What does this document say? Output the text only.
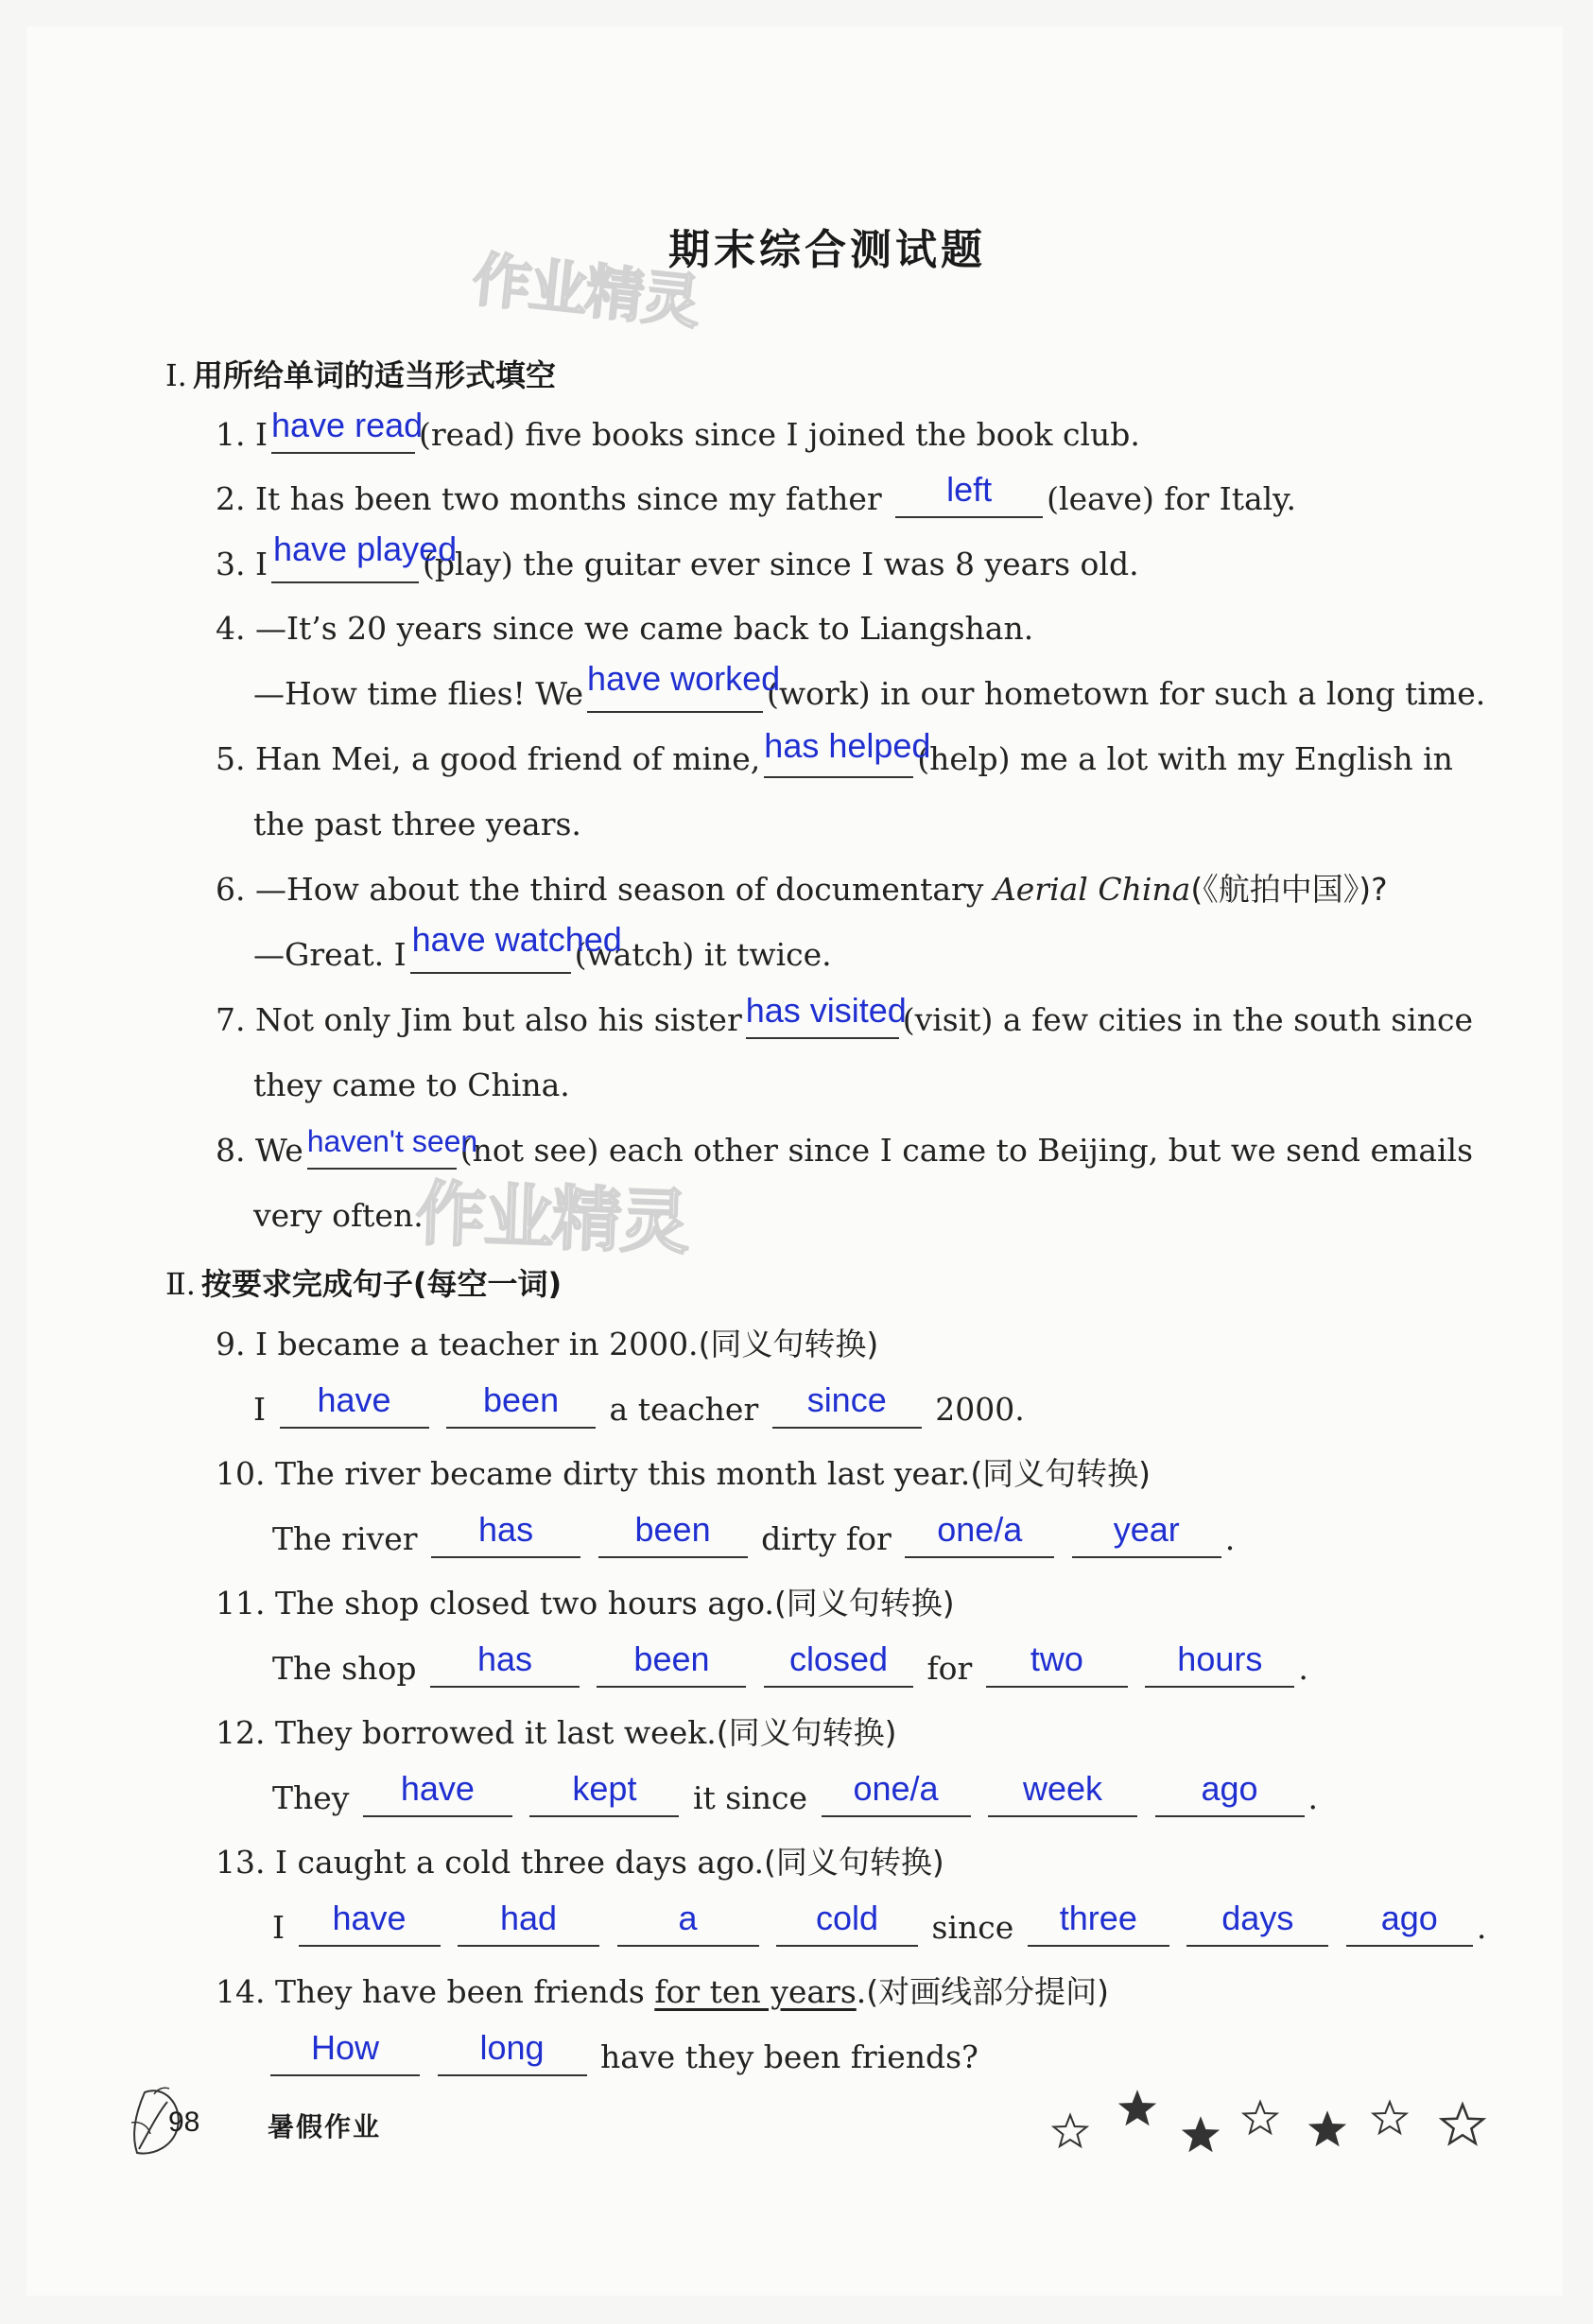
期末综合测试题
作业精灵
作业精灵
Ⅰ. 用所给单词的适当形式填空
1. I have read
(read) five books since I joined the book club.
2. It has been two months since my father	left	(leave) for Italy.
3. I have played
(play) the guitar ever since I was 8 years old.
4. —It’s 20 years since we came back to Liangshan.
—How time flies! We have worked
(work) in our hometown for such a long time.
5. Han Mei, a good friend of mine, has helped
(help) me a lot with my English in
the past three years.
6. —How about the third season of documentary Aerial China(《航拍中国》)?
—Great. I have watched
(watch) it twice.
7. Not only Jim but also his sister has visited
(visit) a few cities in the south since
they came to China.
8. We haven't seen
(not see) each other since I came to Beijing, but we send emails
very often.
Ⅱ. 按要求完成句子(每空一词)
9. I became a teacher in 2000.(同义句转换)
I	have
	been	a teacher	since	2000.
10. The river became dirty this month last year.(同义句转换)
The river	has
	been	dirty for	one/a
	year	.
11. The shop closed two hours ago.(同义句转换)
The shop	has
	been
	closed	for	two
	hours	.
12. They borrowed it last week.(同义句转换)
They	have
	kept	it since	one/a
	week
	ago	.
13. I caught a cold three days ago.(同义句转换)
I	have
	had
	a
	cold	since	three
	days
	ago	.
14. They have been friends for ten years.(对画线部分提问)
How
	long	have they been friends?
98	暑假作业
